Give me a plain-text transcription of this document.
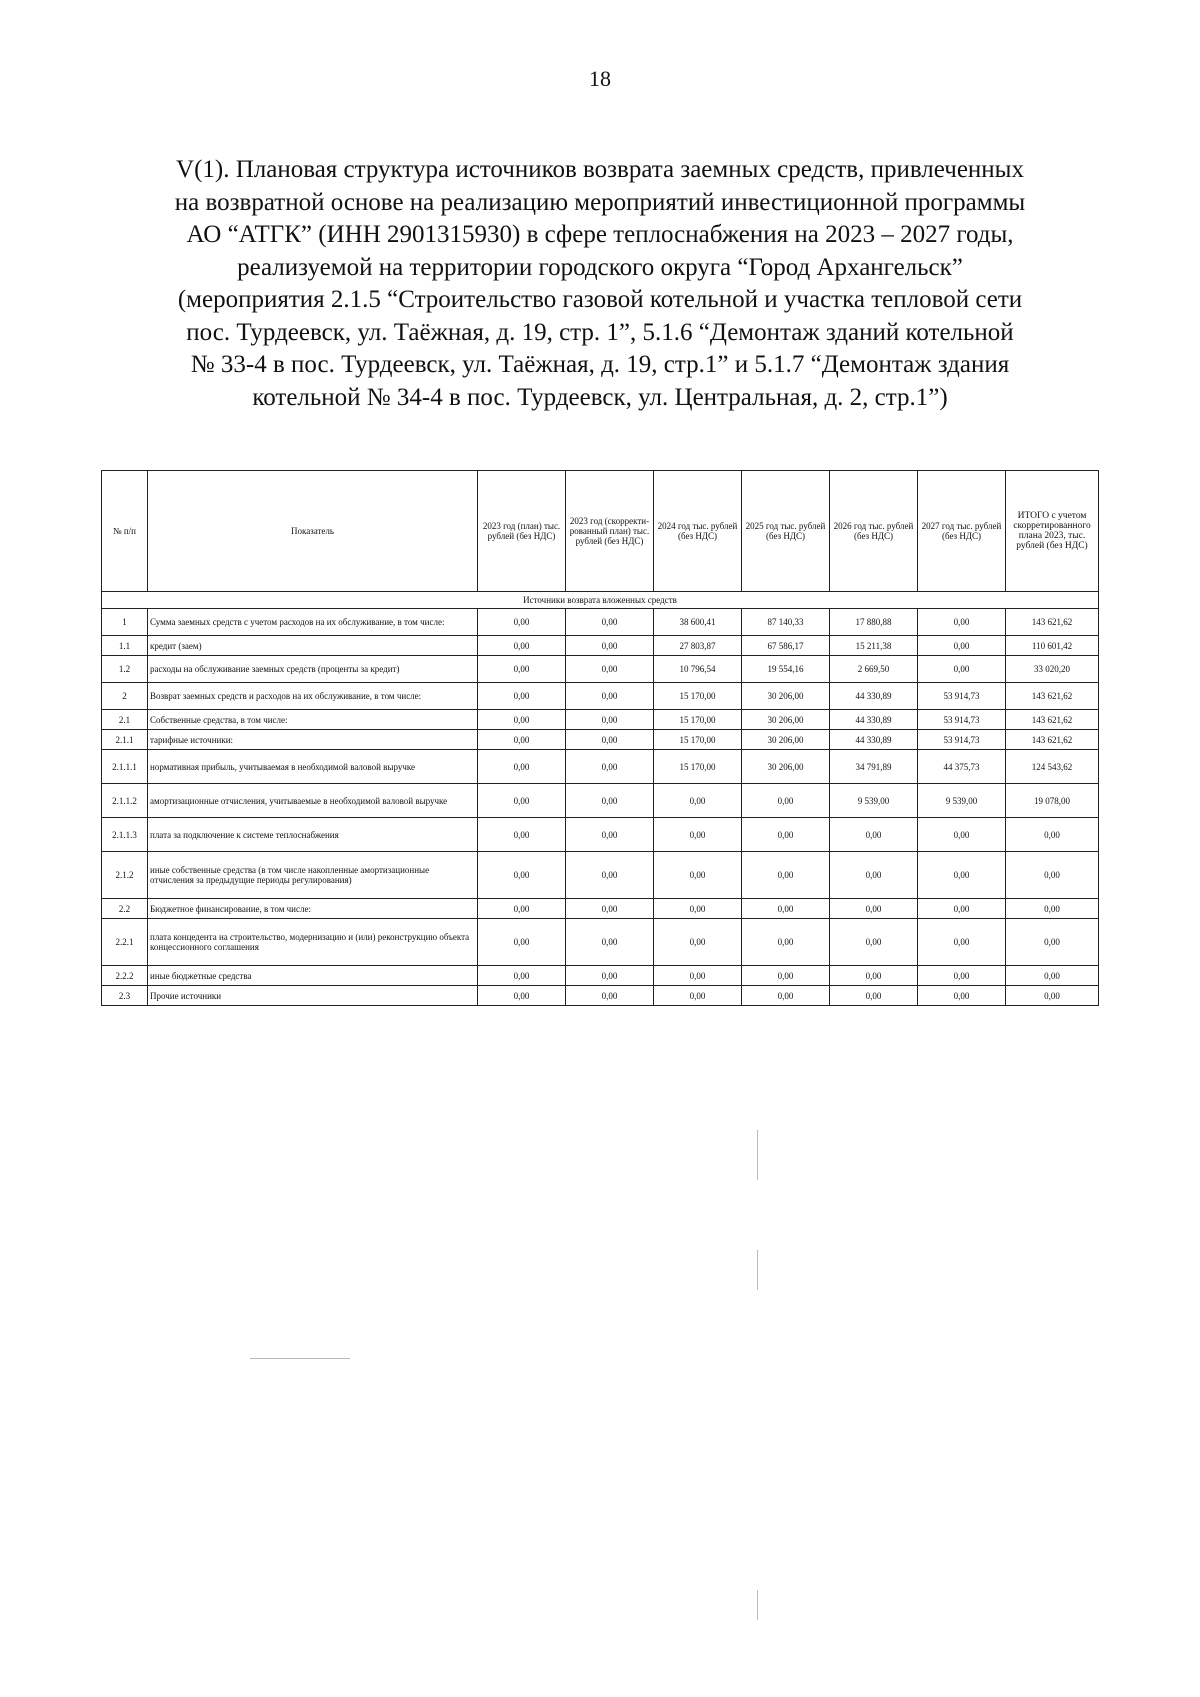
18
V(1). Плановая структура источников возврата заемных средств, привлеченных
на возвратной основе на реализацию мероприятий инвестиционной программы
АО “АТГК” (ИНН 2901315930) в сфере теплоснабжения на 2023 – 2027 годы,
реализуемой на территории городского округа “Город Архангельск”
(мероприятия 2.1.5 “Строительство газовой котельной и участка тепловой сети
пос. Турдеевск, ул. Таёжная, д. 19, стр. 1”, 5.1.6 “Демонтаж зданий котельной
№ 33-4 в пос. Турдеевск, ул. Таёжная, д. 19, стр.1” и 5.1.7 “Демонтаж здания
котельной № 34-4 в пос. Турдеевск, ул. Центральная, д. 2, стр.1”)
№ п/п	Показатель	2023 год (план) тыс. рублей (без НДС)	2023 год (скорректи-рованный план) тыс. рублей (без НДС)	2024 год тыс. рублей (без НДС)	2025 год тыс. рублей (без НДС)	2026 год тыс. рублей (без НДС)	2027 год тыс. рублей (без НДС)	ИТОГО с учетом скорретированного плана 2023, тыс. рублей (без НДС)
Источники возврата вложенных средств								
1	Сумма заемных средств с учетом расходов на их обслуживание, в том числе:	0,00	0,00	38 600,41	87 140,33	17 880,88	0,00	143 621,62
1.1	кредит (заем)	0,00	0,00	27 803,87	67 586,17	15 211,38	0,00	110 601,42
1.2	расходы на обслуживание заемных средств (проценты за кредит)	0,00	0,00	10 796,54	19 554,16	2 669,50	0,00	33 020,20
2	Возврат заемных средств и расходов на их обслуживание, в том числе:	0,00	0,00	15 170,00	30 206,00	44 330,89	53 914,73	143 621,62
2.1	Собственные средства, в том числе:	0,00	0,00	15 170,00	30 206,00	44 330,89	53 914,73	143 621,62
2.1.1	тарифные источники:	0,00	0,00	15 170,00	30 206,00	44 330,89	53 914,73	143 621,62
2.1.1.1	нормативная прибыль, учитываемая в необходимой валовой выручке	0,00	0,00	15 170,00	30 206,00	34 791,89	44 375,73	124 543,62
2.1.1.2	амортизационные отчисления, учитываемые в необходимой валовой выручке	0,00	0,00	0,00	0,00	9 539,00	9 539,00	19 078,00
2.1.1.3	плата за подключение к системе теплоснабжения	0,00	0,00	0,00	0,00	0,00	0,00	0,00
2.1.2	иные собственные средства (в том числе накопленные амортизационные отчисления за предыдущие периоды регулирования)	0,00	0,00	0,00	0,00	0,00	0,00	0,00
2.2	Бюджетное финансирование, в том числе:	0,00	0,00	0,00	0,00	0,00	0,00	0,00
2.2.1	плата концедента на строительство, модернизацию и (или) реконструкцию объекта концессионного соглашения	0,00	0,00	0,00	0,00	0,00	0,00	0,00
2.2.2	иные бюджетные средства	0,00	0,00	0,00	0,00	0,00	0,00	0,00
2.3	Прочие источники	0,00	0,00	0,00	0,00	0,00	0,00	0,00
